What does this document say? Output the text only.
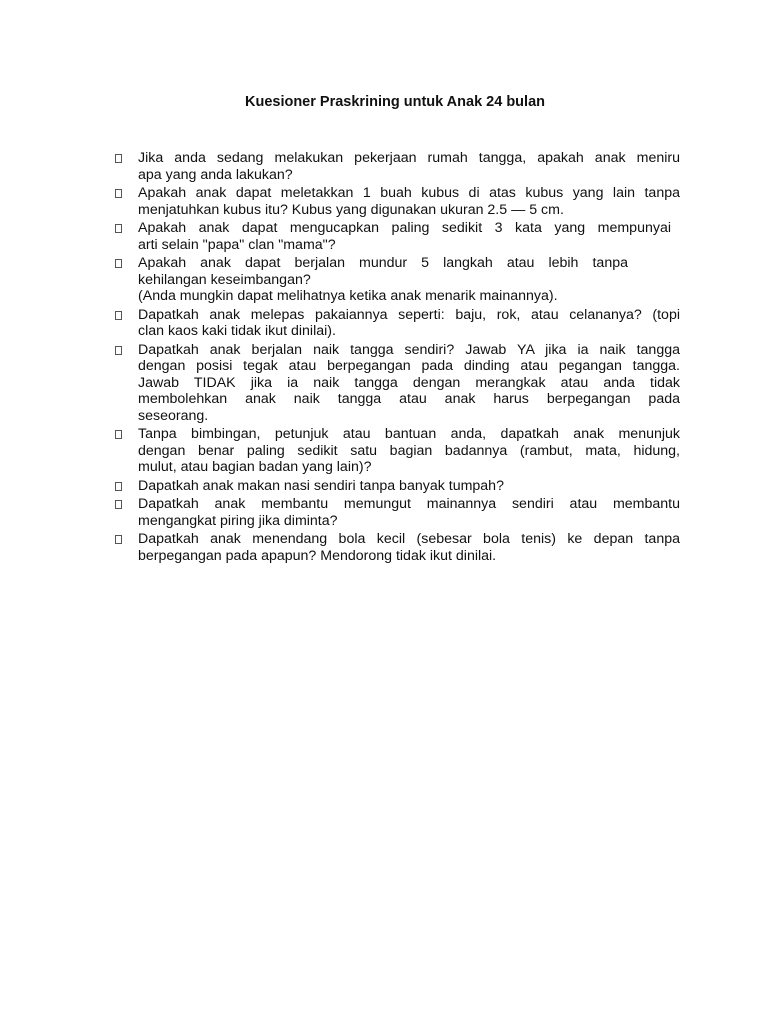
Kuesioner Praskrining untuk Anak 24 bulan
Jika anda sedang melakukan pekerjaan rumah tangga, apakah anak meniru
apa yang anda lakukan?
Apakah anak dapat meletakkan 1 buah kubus di atas kubus yang lain tanpa
menjatuhkan kubus itu? Kubus yang digunakan ukuran 2.5 — 5 cm.
Apakah anak dapat mengucapkan paling sedikit 3 kata yang mempunyai
arti selain "papa" clan "mama"?
Apakah anak dapat berjalan mundur 5 langkah atau lebih tanpa
kehilangan keseimbangan?
(Anda mungkin dapat melihatnya ketika anak menarik mainannya).
Dapatkah anak melepas pakaiannya seperti: baju, rok, atau celananya? (topi
clan kaos kaki tidak ikut dinilai).
Dapatkah anak berjalan naik tangga sendiri? Jawab YA jika ia naik tangga
dengan posisi tegak atau berpegangan pada dinding atau pegangan tangga.
Jawab TIDAK jika ia naik tangga dengan merangkak atau anda tidak
membolehkan anak naik tangga atau anak harus berpegangan pada
seseorang.
Tanpa bimbingan, petunjuk atau bantuan anda, dapatkah anak menunjuk
dengan benar paling sedikit satu bagian badannya (rambut, mata, hidung,
mulut, atau bagian badan yang lain)?
Dapatkah anak makan nasi sendiri tanpa banyak tumpah?
Dapatkah anak membantu memungut mainannya sendiri atau membantu
mengangkat piring jika diminta?
Dapatkah anak menendang bola kecil (sebesar bola tenis) ke depan tanpa
berpegangan pada apapun? Mendorong tidak ikut dinilai.
